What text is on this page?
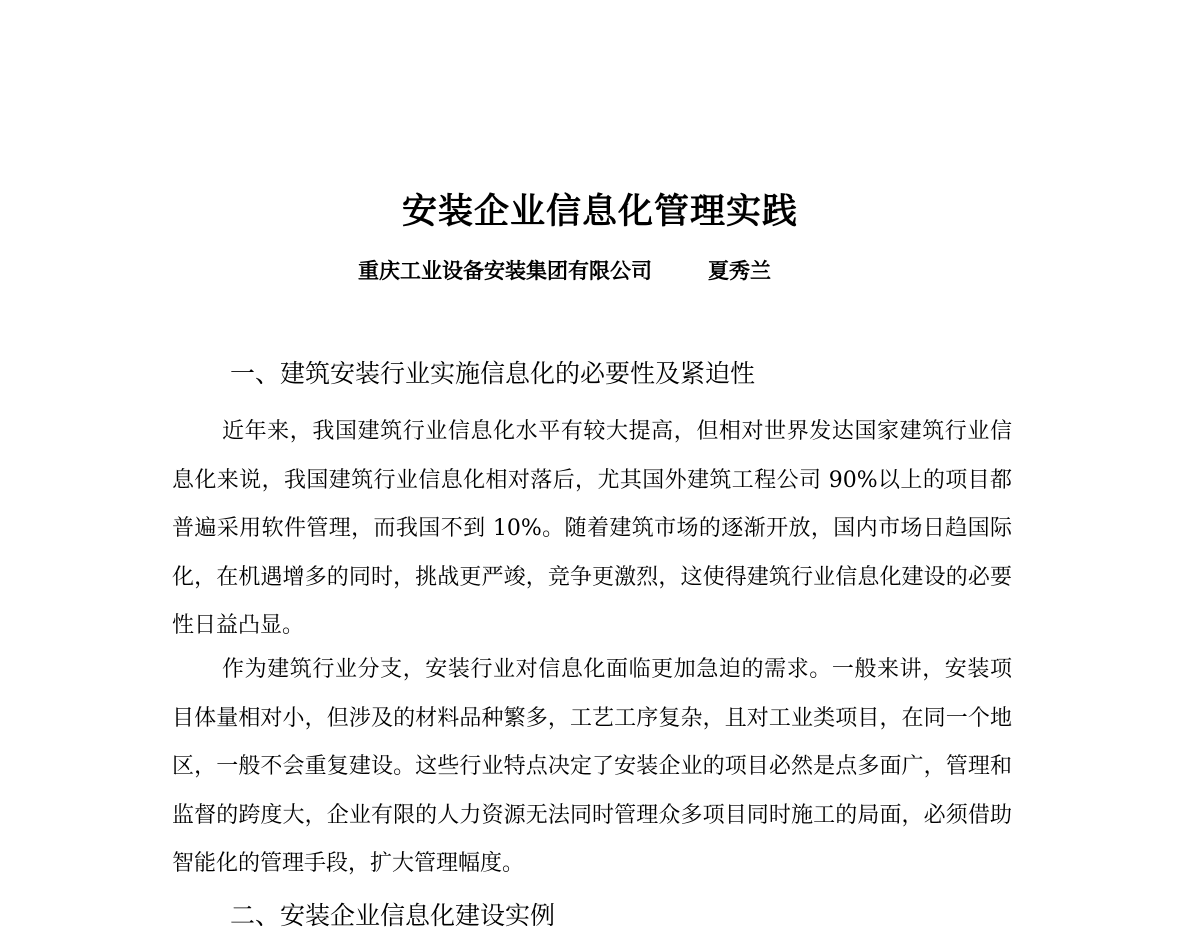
安装企业信息化管理实践
重庆工业设备安装集团有限公司	夏秀兰
一、建筑安装行业实施信息化的必要性及紧迫性
近年来，我国建筑行业信息化水平有较大提高，但相对世界发达国家建筑行业信息化来说，我国建筑行业信息化相对落后，尤其国外建筑工程公司 90%以上的项目都普遍采用软件管理，而我国不到 10%。随着建筑市场的逐渐开放，国内市场日趋国际化，在机遇增多的同时，挑战更严竣，竞争更激烈，这使得建筑行业信息化建设的必要性日益凸显。
作为建筑行业分支，安装行业对信息化面临更加急迫的需求。一般来讲，安装项目体量相对小，但涉及的材料品种繁多，工艺工序复杂，且对工业类项目，在同一个地区，一般不会重复建设。这些行业特点决定了安装企业的项目必然是点多面广，管理和监督的跨度大，企业有限的人力资源无法同时管理众多项目同时施工的局面，必须借助智能化的管理手段，扩大管理幅度。
二、安装企业信息化建设实例
